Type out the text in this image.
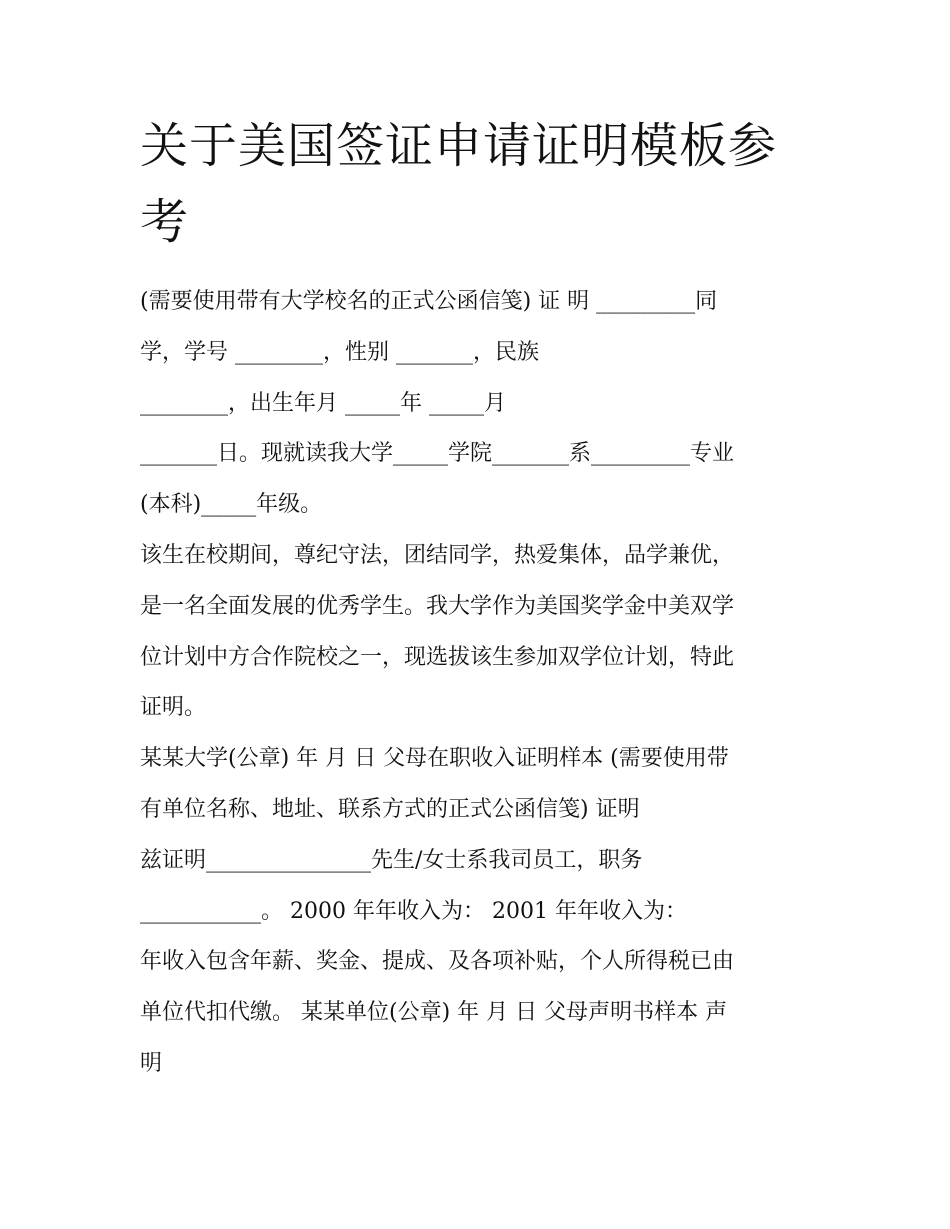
关于美国签证申请证明模板参考
(需要使用带有大学校名的正式公函信笺) 证 明 _________同
学，学号 ________，性别 _______，民族
________，出生年月 _____年 _____月
_______日。现就读我大学_____学院_______系_________专业
(本科)_____年级。
该生在校期间，尊纪守法，团结同学，热爱集体，品学兼优，
是一名全面发展的优秀学生。我大学作为美国奖学金中美双学
位计划中方合作院校之一，现选拔该生参加双学位计划，特此
证明。
某某大学(公章) 年 月 日 父母在职收入证明样本 (需要使用带
有单位名称、地址、联系方式的正式公函信笺) 证明
兹证明_______________先生/女士系我司员工，职务
___________。 2000 年年收入为： 2001 年年收入为：
年收入包含年薪、奖金、提成、及各项补贴，个人所得税已由
单位代扣代缴。 某某单位(公章) 年 月 日 父母声明书样本 声
明
